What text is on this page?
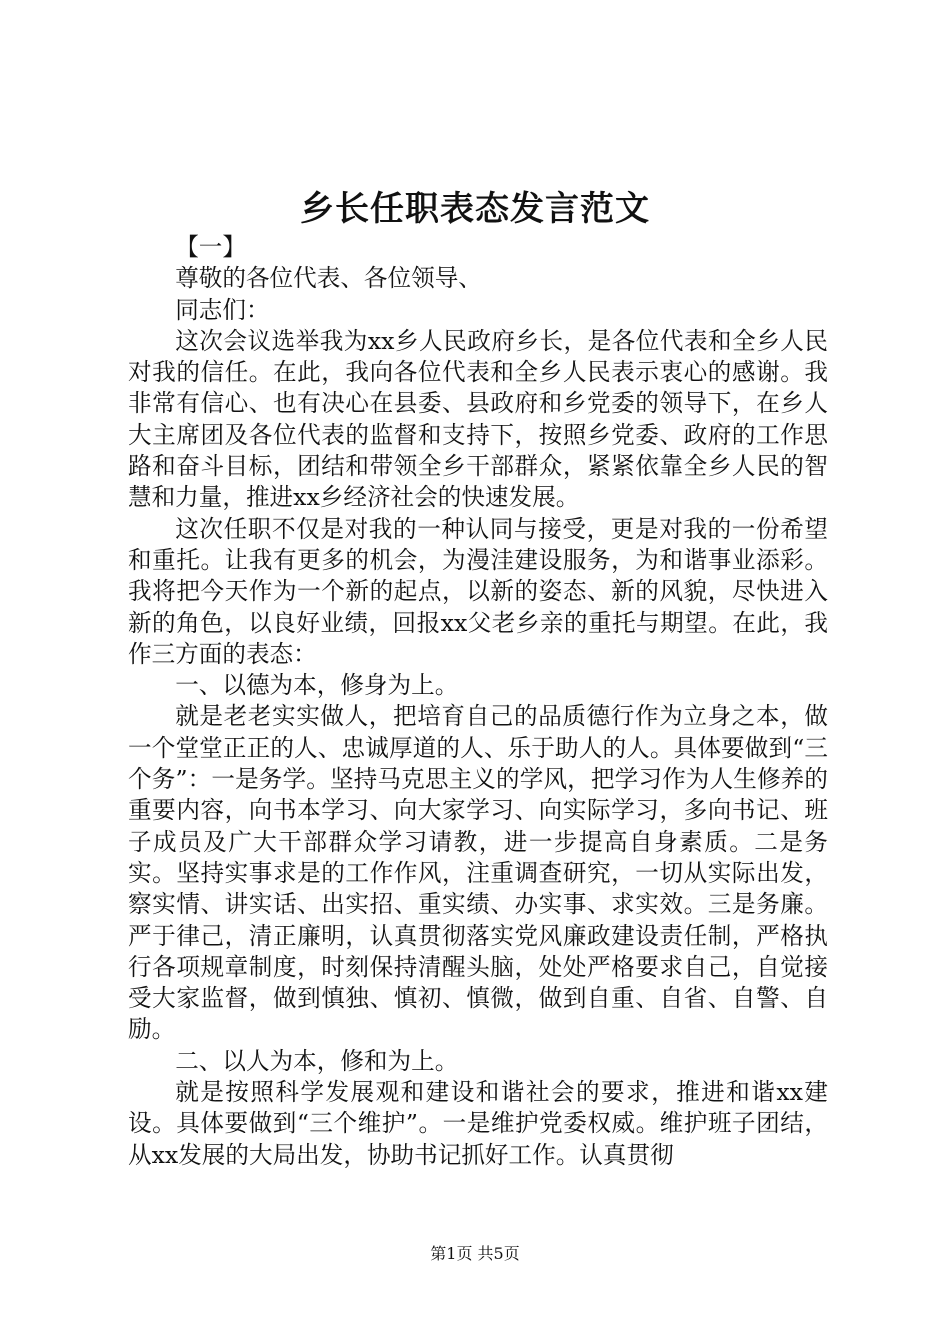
乡长任职表态发言范文

【一】

尊敬的各位代表、各位领导、

同志们：

这次会议选举我为xx乡人民政府乡长，是各位代表和全乡人民对我的信任。在此，我向各位代表和全乡人民表示衷心的感谢。我非常有信心、也有决心在县委、县政府和乡党委的领导下，在乡人大主席团及各位代表的监督和支持下，按照乡党委、政府的工作思路和奋斗目标，团结和带领全乡干部群众，紧紧依靠全乡人民的智慧和力量，推进xx乡经济社会的快速发展。

这次任职不仅是对我的一种认同与接受，更是对我的一份希望和重托。让我有更多的机会，为漫洼建设服务，为和谐事业添彩。我将把今天作为一个新的起点，以新的姿态、新的风貌，尽快进入新的角色，以良好业绩，回报xx父老乡亲的重托与期望。在此，我作三方面的表态：

一、以德为本，修身为上。

就是老老实实做人，把培育自己的品质德行作为立身之本，做一个堂堂正正的人、忠诚厚道的人、乐于助人的人。具体要做到“三个务”：一是务学。坚持马克思主义的学风，把学习作为人生修养的重要内容，向书本学习、向大家学习、向实际学习，多向书记、班子成员及广大干部群众学习请教，进一步提高自身素质。二是务实。坚持实事求是的工作作风，注重调查研究，一切从实际出发，察实情、讲实话、出实招、重实绩、办实事、求实效。三是务廉。严于律己，清正廉明，认真贯彻落实党风廉政建设责任制，严格执行各项规章制度，时刻保持清醒头脑，处处严格要求自己，自觉接受大家监督，做到慎独、慎初、慎微，做到自重、自省、自警、自励。

二、以人为本，修和为上。

就是按照科学发展观和建设和谐社会的要求，推进和谐xx建设。具体要做到“三个维护”。一是维护党委权威。维护班子团结，从xx发展的大局出发，协助书记抓好工作。认真贯彻

第1页 共5页
